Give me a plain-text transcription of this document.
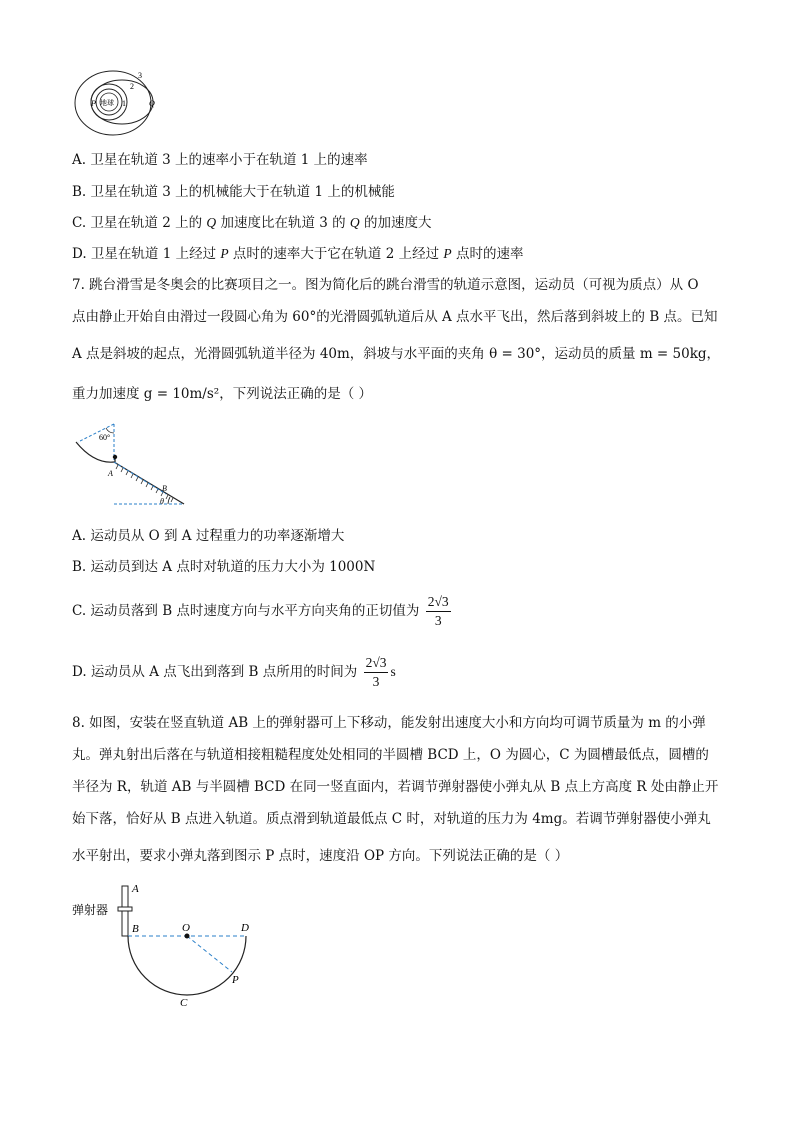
3
2
1
地球
P	Q
A. 卫星在轨道 3 上的速率小于在轨道 1 上的速率
B. 卫星在轨道 3 上的机械能大于在轨道 1 上的机械能
C. 卫星在轨道 2 上的 Q 加速度比在轨道 3 的 Q 的加速度大
D. 卫星在轨道 1 上经过 P 点时的速率大于它在轨道 2 上经过 P 点时的速率
7. 跳台滑雪是冬奥会的比赛项目之一。图为简化后的跳台滑雪的轨道示意图，运动员（可视为质点）从 O
点由静止开始自由滑过一段圆心角为 60°的光滑圆弧轨道后从 A 点水平飞出，然后落到斜坡上的 B 点。已知
A 点是斜坡的起点，光滑圆弧轨道半径为 40m，斜坡与水平面的夹角 θ = 30°，运动员的质量 m = 50kg，
重力加速度 g = 10m/s²，下列说法正确的是（ ）
60°
A
B
θ
A. 运动员从 O 到 A 过程重力的功率逐渐增大
B. 运动员到达 A 点时对轨道的压力大小为 1000N
C. 运动员落到 B 点时速度方向与水平方向夹角的正切值为 $\frac{2√3}{3}$
D. 运动员从 A 点飞出到落到 B 点所用的时间为 $\frac{2√3}{3}$ s
8. 如图，安装在竖直轨道 AB 上的弹射器可上下移动，能发射出速度大小和方向均可调节质量为 m 的小弹
丸。弹丸射出后落在与轨道相接粗糙程度处处相同的半圆槽 BCD 上，O 为圆心，C 为圆槽最低点，圆槽的
半径为 R，轨道 AB 与半圆槽 BCD 在同一竖直面内，若调节弹射器使小弹丸从 B 点上方高度 R 处由静止开
始下落，恰好从 B 点进入轨道。质点滑到轨道最低点 C 时，对轨道的压力为 4mg。若调节弹射器使小弹丸
水平射出，要求小弹丸落到图示 P 点时，速度沿 OP 方向。下列说法正确的是（ ）
弹射器
A
B	O	D
P
C
